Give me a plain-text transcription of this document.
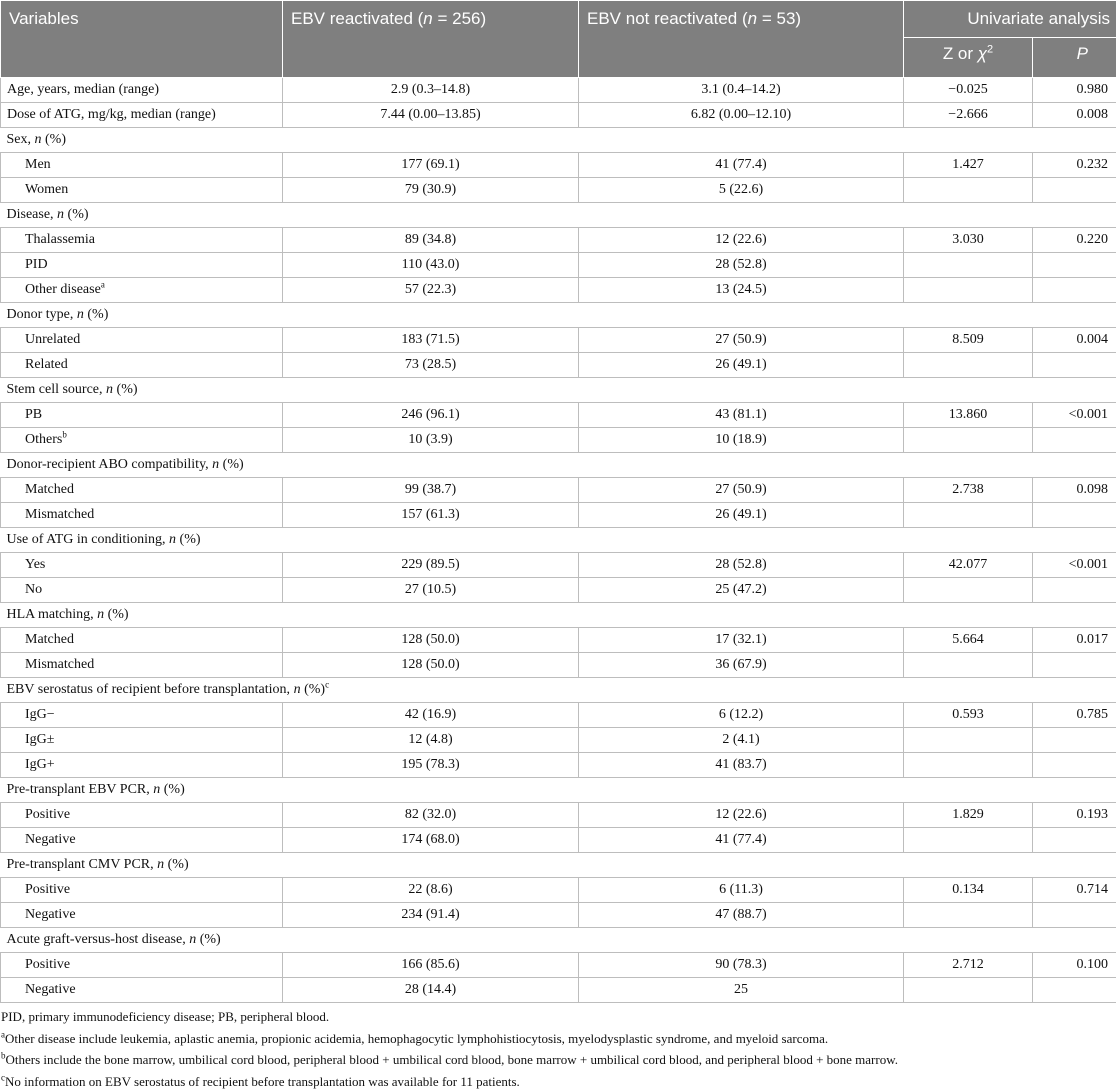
Variables	EBV reactivated (n = 256)	EBV not reactivated (n = 53)	Univariate analysis	
			Z or $\chi^2$	P
Age, years, median (range)	2.9 (0.3–14.8)	3.1 (0.4–14.2)	−0.025	0.980
Dose of ATG, mg/kg, median (range)	7.44 (0.00–13.85)	6.82 (0.00–12.10)	−2.666	0.008
Sex, n (%)				
Men	177 (69.1)	41 (77.4)	1.427	0.232
Women	79 (30.9)	5 (22.6)		
Disease, n (%)				
Thalassemia	89 (34.8)	12 (22.6)	3.030	0.220
PID	110 (43.0)	28 (52.8)		
Other disease$^a$	57 (22.3)	13 (24.5)		
Donor type, n (%)				
Unrelated	183 (71.5)	27 (50.9)	8.509	0.004
Related	73 (28.5)	26 (49.1)		
Stem cell source, n (%)				
PB	246 (96.1)	43 (81.1)	13.860	<0.001
Others$^b$	10 (3.9)	10 (18.9)		
Donor-recipient ABO compatibility, n (%)				
Matched	99 (38.7)	27 (50.9)	2.738	0.098
Mismatched	157 (61.3)	26 (49.1)		
Use of ATG in conditioning, n (%)				
Yes	229 (89.5)	28 (52.8)	42.077	<0.001
No	27 (10.5)	25 (47.2)		
HLA matching, n (%)				
Matched	128 (50.0)	17 (32.1)	5.664	0.017
Mismatched	128 (50.0)	36 (67.9)		
EBV serostatus of recipient before transplantation, n (%)$^c$
IgG−	42 (16.9)	6 (12.2)	0.593	0.785
IgG±	12 (4.8)	2 (4.1)		
IgG+	195 (78.3)	41 (83.7)		
Pre-transplant EBV PCR, n (%)				
Positive	82 (32.0)	12 (22.6)	1.829	0.193
Negative	174 (68.0)	41 (77.4)		
Pre-transplant CMV PCR, n (%)				
Positive	22 (8.6)	6 (11.3)	0.134	0.714
Negative	234 (91.4)	47 (88.7)		
Acute graft-versus-host disease, n (%)				
Positive	166 (85.6)	90 (78.3)	2.712	0.100
Negative	28 (14.4)	25		
PID, primary immunodeficiency disease; PB, peripheral blood.
$^a$Other disease include leukemia, aplastic anemia, propionic acidemia, hemophagocytic lymphohistiocytosis, myelodysplastic syndrome, and myeloid sarcoma.
$^b$Others include the bone marrow, umbilical cord blood, peripheral blood + umbilical cord blood, bone marrow + umbilical cord blood, and peripheral blood + bone marrow.
$^c$No information on EBV serostatus of recipient before transplantation was available for 11 patients.
